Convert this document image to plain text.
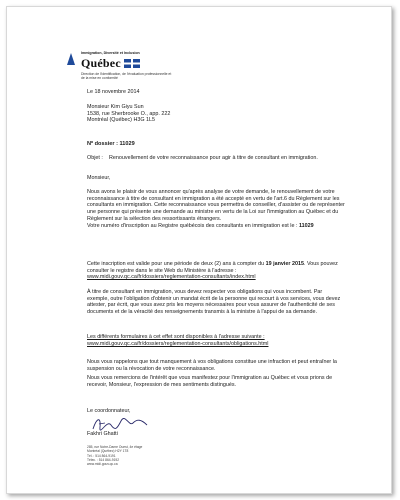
Immigration, Diversité et Inclusion
Québec
Direction de l'identification, de l'évaluation professionnelle et de la mise en conformité
Le 18 novembre 2014

Monsieur Kim Giyu Sun

1538, rue Sherbrooke O., app. 222

Montréal (Québec) H3G 1L5

Nº dossier : 11029
Objet :	Renouvellement de votre reconnaissance pour agir à titre de consultant en immigration.
Monsieur,

Nous avons le plaisir de vous annoncer qu'après analyse de votre demande, le renouvellement de votre reconnaissance à titre de consultant en immigration a été accepté en vertu de l'art.6 du Règlement sur les consultants en immigration. Cette reconnaissance vous permettra de conseiller, d'assister ou de représenter une personne qui présente une demande au ministre en vertu de la Loi sur l'immigration au Québec et du Règlement sur la sélection des ressortissants étrangers.

Votre numéro d'inscription au Registre québécois des consultants en immigration est le : 11029

Cette inscription est valide pour une période de deux (2) ans à compter du 19 janvier 2015. Vous pouvez consulter le registre dans le site Web du Ministère à l'adresse : www.midi.gouv.qc.ca/fr/dossiers/reglementation-consultants/index.html

À titre de consultant en immigration, vous devez respecter vos obligations qui vous incombent. Par exemple, outre l'obligation d'obtenir un mandat écrit de la personne qui recourt à vos services, vous devez attester, par écrit, que vous avez pris les moyens nécessaires pour vous assurer de l'authenticité de ses documents et de la véracité des renseignements transmis à la ministre à l'appui de sa demande.

Les différents formulaires à cet effet sont disponibles à l'adresse suivante :

www.midi.gouv.qc.ca/fr/dossiers/reglementation-consultants/obligations.html

Nous vous rappelons que tout manquement à vos obligations constitue une infraction et peut entraîner la suspension ou la révocation de votre reconnaissance.
Nous vous remercions de l'intérêt que vous manifestez pour l'immigration au Québec et vous prions de recevoir, Monsieur, l'expression de mes sentiments distingués.
Le coordonnateur,
Fakhri Ghatti
285, rue Notre-Dame Ouest, 4e étage
Montréal (Québec) H2Y 1T8
Tél. : 514 864-9191
Télec. : 514 864-9192
www.midi.gouv.qc.ca
